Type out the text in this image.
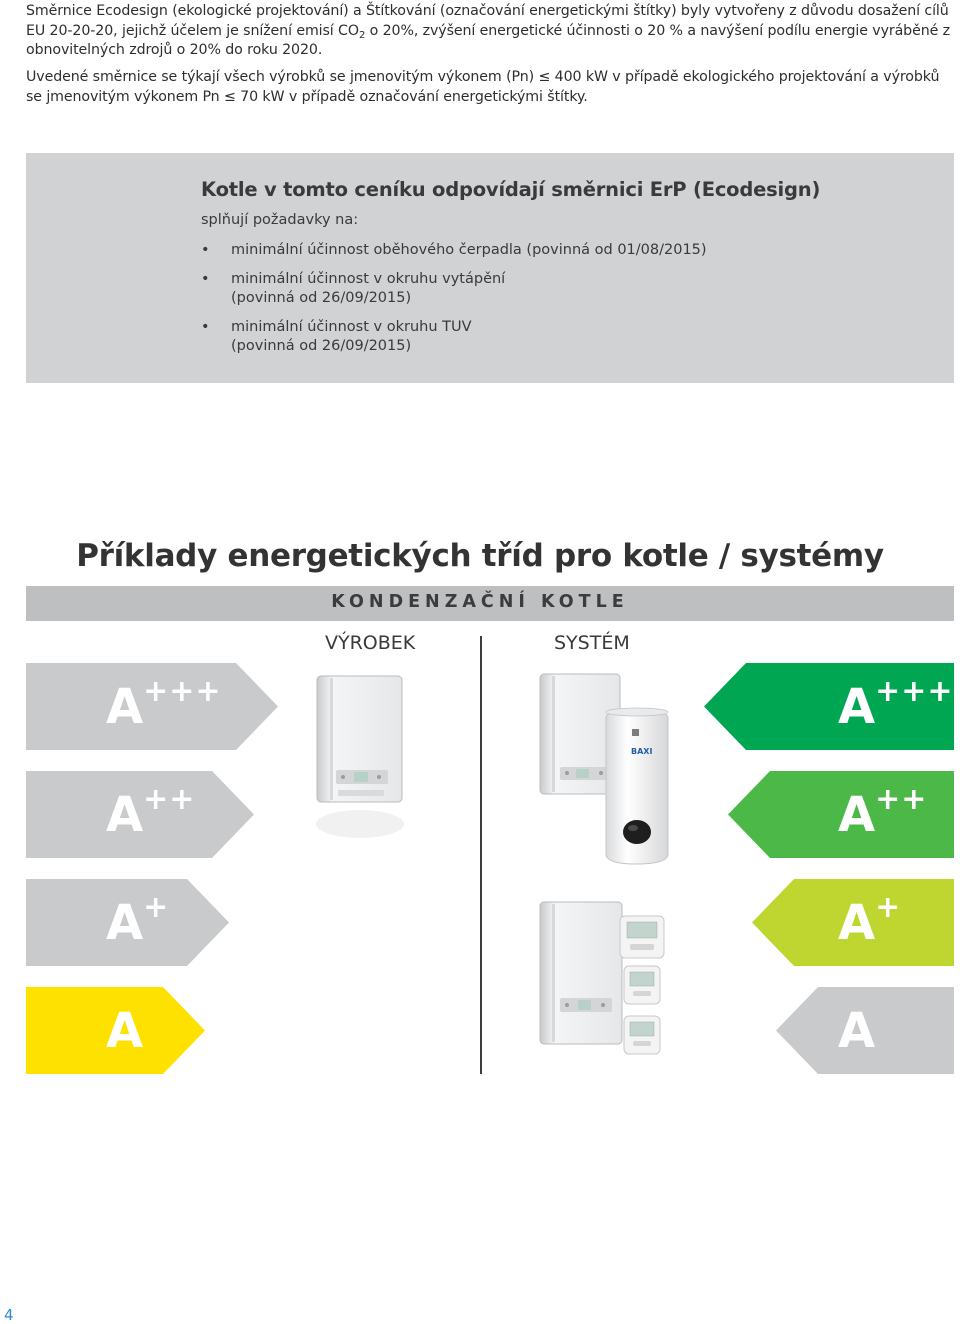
Směrnice Ecodesign (ekologické projektování) a Štítkování (označování energetickými štítky) byly vytvořeny z důvodu dosažení cílů EU 20-20-20, jejichž účelem je snížení emisí $CO_2$ o 20%, zvýšení energetické účinnosti o 20 % a navýšení podílu energie vyráběné z obnovitelných zdrojů o 20% do roku 2020.

Uvedené směrnice se týkají všech výrobků se jmenovitým výkonem (Pn) ≤ 400 kW v případě ekologického projektování a výrobků se jmenovitým výkonem Pn ≤ 70 kW v případě označování energetickými štítky.

Kotle v tomto ceníku odpovídají směrnici ErP (Ecodesign)
splňují požadavky na:
• minimální účinnost oběhového čerpadla (povinná od 01/08/2015)
• minimální účinnost v okruhu vytápění (povinná od 26/09/2015)
• minimální účinnost v okruhu TUV (povinná od 26/09/2015)
Příklady energetických tříd pro kotle / systémy
KONDENZAČNÍ KOTLE
VÝROBEK	SYSTÉM
A+++
A++
A+
A
A+++
A++
A+
A
BAXI
4
